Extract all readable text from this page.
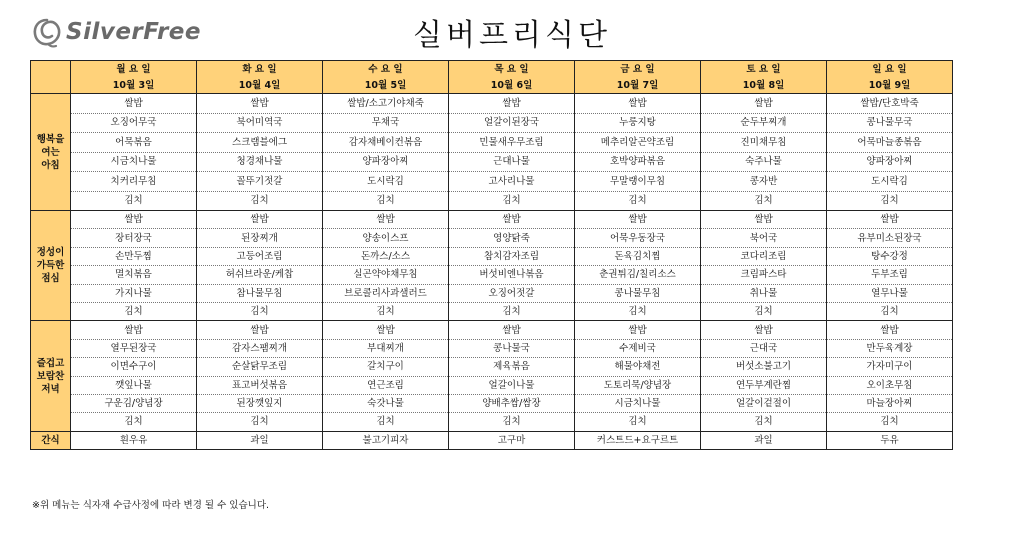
SilverFree	실버프리식단
	월 요 일	화 요 일	수 요 일	목 요 일	금 요 일	토 요 일	일 요 일
	10월 3일	10월 4일	10월 5일	10월 6일	10월 7일	10월 8일	10월 9일

행복을
여는
아침	쌀밥	쌀밥	쌀밥/소고기야채죽	쌀밥	쌀밥	쌀밥	쌀밥/단호박죽
	오징어무국	북어미역국	무채국	얼갈이된장국	누룽지탕	순두부찌개	콩나물무국
	어묵볶음	스크램블에그	감자채베이컨볶음	민물새우무조림	메추리알곤약조림	진미채무침	어묵마늘종볶음
	시금치나물	청경채나물	양파장아찌	근대나물	호박양파볶음	숙주나물	양파장아찌
	치커리무침	꼴뚜기젓갈	도시락김	고사리나물	무말랭이무침	콩자반	도시락김
	김치	김치	김치	김치	김치	김치	김치

정성이
가득한
점심	쌀밥	쌀밥	쌀밥	쌀밥	쌀밥	쌀밥	쌀밥
	장터장국	된장찌개	양송이스프	영양닭죽	어묵우동장국	북어국	유부미소된장국
	손만두찜	고등어조림	돈까스/소스	참치감자조림	돈육김치찜	코다리조림	탕수강정
	멸치볶음	허쉬브라운/케찹	실곤약야채무침	버섯비엔나볶음	춘권튀김/칠리소스	크림파스타	두부조림
	가지나물	참나물무침	브로콜리사과샐러드	오징어젓갈	콩나물무침	취나물	열무나물
	김치	김치	김치	김치	김치	김치	김치

즐겁고
보람찬
저녁	쌀밥	쌀밥	쌀밥	쌀밥	쌀밥	쌀밥	쌀밥
	열무된장국	감자스팸찌개	부대찌개	콩나물국	수제비국	근대국	만두육계장
	이면수구이	순살닭무조림	갈치구이	제육볶음	해물야채전	버섯소불고기	가자미구이
	깻잎나물	표고버섯볶음	연근조림	얼갈이나물	도토리묵/양념장	연두부계란찜	오이초무침
	구운김/양념장	된장깻잎지	숙갓나물	양배추쌈/쌈장	시금치나물	얼갈이겉절이	마늘장아찌
	김치	김치	김치	김치	김치	김치	김치
간식	흰우유	과일	불고기피자	고구마	커스트드+요구르트	과일	두유
※위 메뉴는 식자재 수급사정에 따라 변경 될 수 있습니다.
